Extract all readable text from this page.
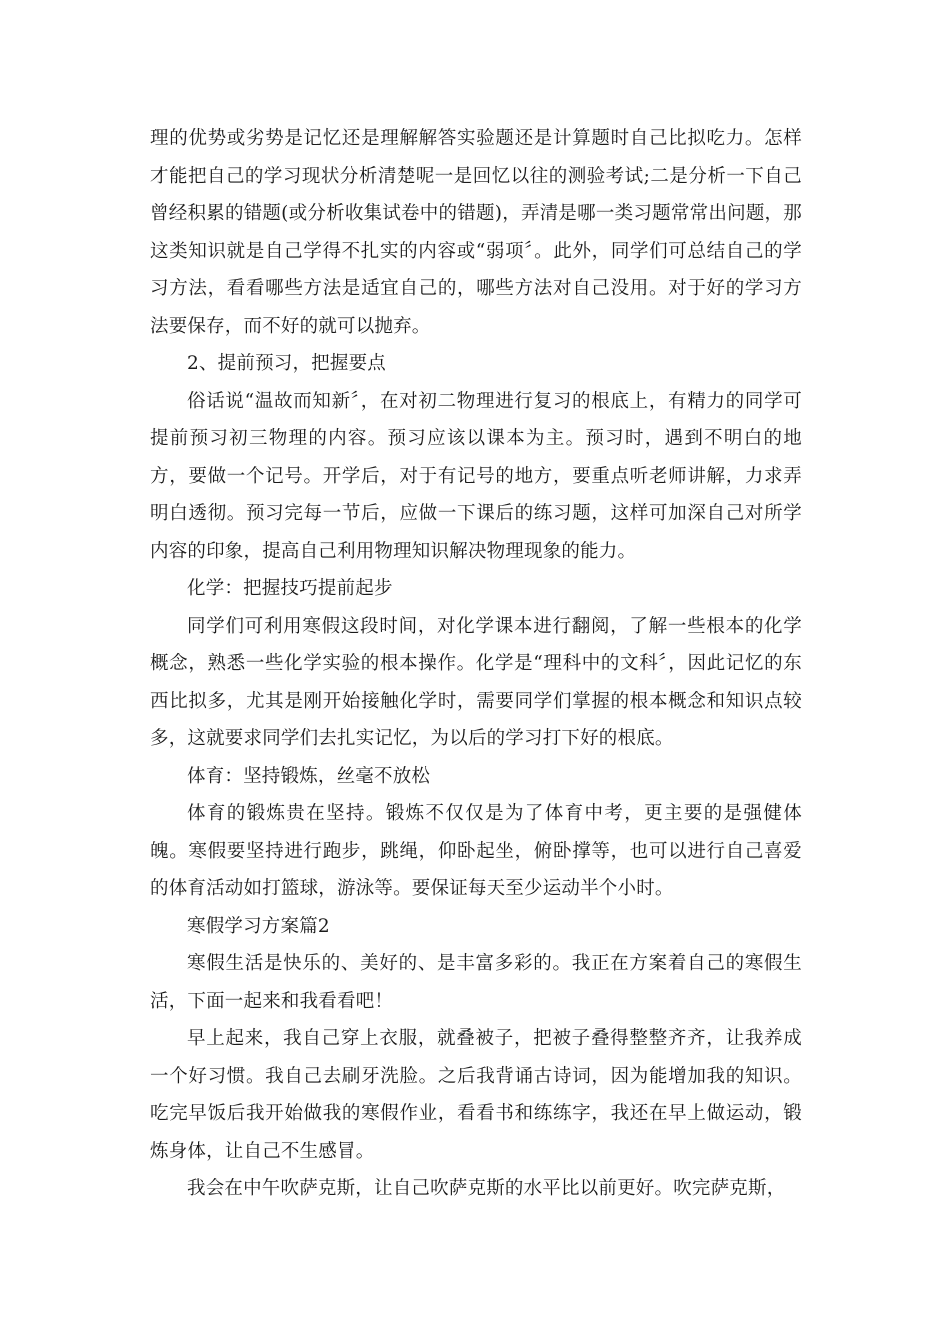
理的优势或劣势是记忆还是理解解答实验题还是计算题时自己比拟吃力。怎样才能把自己的学习现状分析清楚呢一是回忆以往的测验考试;二是分析一下自己曾经积累的错题(或分析收集试卷中的错题)，弄清是哪一类习题常常出问题，那这类知识就是自己学得不扎实的内容或“弱项〞。此外，同学们可总结自己的学习方法，看看哪些方法是适宜自己的，哪些方法对自己没用。对于好的学习方法要保存，而不好的就可以抛弃。

2、提前预习，把握要点

俗话说“温故而知新〞，在对初二物理进行复习的根底上，有精力的同学可提前预习初三物理的内容。预习应该以课本为主。预习时，遇到不明白的地方，要做一个记号。开学后，对于有记号的地方，要重点听老师讲解，力求弄明白透彻。预习完每一节后，应做一下课后的练习题，这样可加深自己对所学内容的印象，提高自己利用物理知识解决物理现象的能力。

化学：把握技巧提前起步

同学们可利用寒假这段时间，对化学课本进行翻阅，了解一些根本的化学概念，熟悉一些化学实验的根本操作。化学是“理科中的文科〞，因此记忆的东西比拟多，尤其是刚开始接触化学时，需要同学们掌握的根本概念和知识点较多，这就要求同学们去扎实记忆，为以后的学习打下好的根底。

体育：坚持锻炼，丝毫不放松

体育的锻炼贵在坚持。锻炼不仅仅是为了体育中考，更主要的是强健体魄。寒假要坚持进行跑步，跳绳，仰卧起坐，俯卧撑等，也可以进行自己喜爱的体育活动如打篮球，游泳等。要保证每天至少运动半个小时。

寒假学习方案篇2

寒假生活是快乐的、美好的、是丰富多彩的。我正在方案着自己的寒假生活，下面一起来和我看看吧！

早上起来，我自己穿上衣服，就叠被子，把被子叠得整整齐齐，让我养成一个好习惯。我自己去刷牙洗脸。之后我背诵古诗词，因为能增加我的知识。吃完早饭后我开始做我的寒假作业，看看书和练练字，我还在早上做运动，锻炼身体，让自己不生感冒。

我会在中午吹萨克斯，让自己吹萨克斯的水平比以前更好。吹完萨克斯，
